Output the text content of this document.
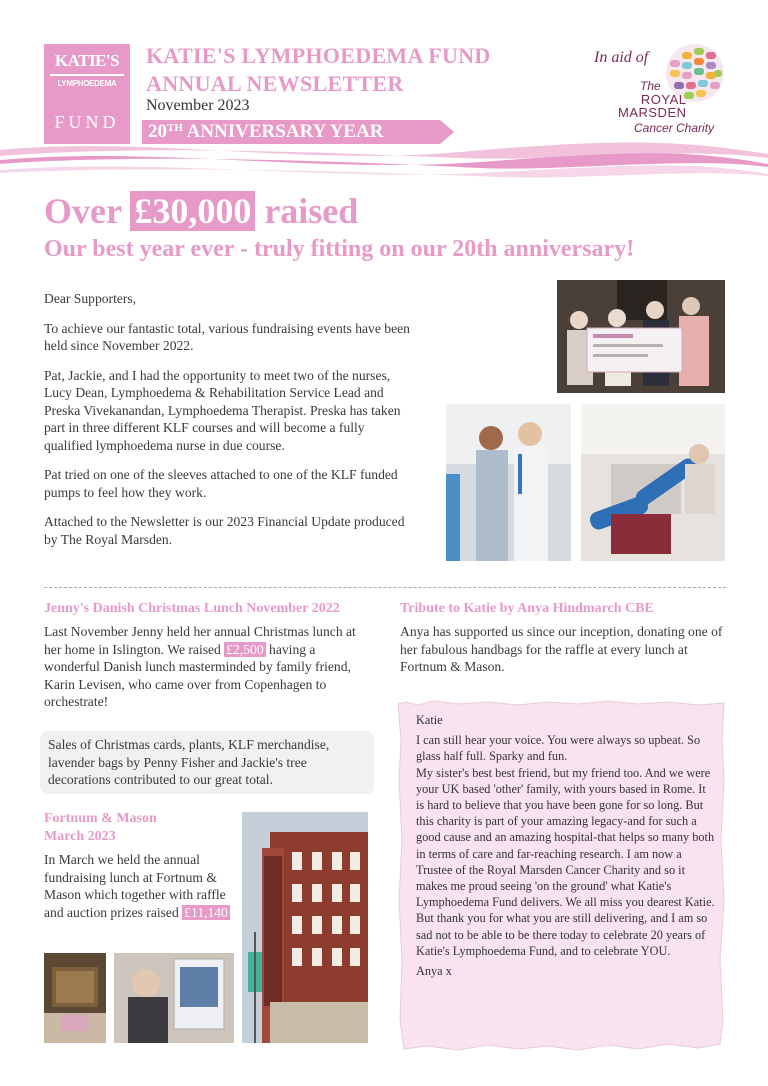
KATIE'S
LYMPHOEDEMA
FUND
KATIE'S LYMPHOEDEMA FUND
ANNUAL NEWSLETTER
November 2023
20TH ANNIVERSARY YEAR
In aid of
The
ROYAL
MARSDEN
Cancer Charity
Over £30,000 raised
Our best year ever - truly fitting on our 20th anniversary!

Dear Supporters,

To achieve our fantastic total, various fundraising events have been held since November 2022.

Pat, Jackie, and I had the opportunity to meet two of the nurses, Lucy Dean, Lymphoedema & Rehabilitation Service Lead and Preska Vivekanandan, Lymphoedema Therapist. Preska has taken part in three different KLF courses and will become a fully qualified lymphoedema nurse in due course.

Pat tried on one of the sleeves attached to one of the KLF funded pumps to feel how they work.

Attached to the Newsletter is our 2023 Financial Update produced by The Royal Marsden.

Jenny's Danish Christmas Lunch November 2022
Last November Jenny held her annual Christmas lunch at her home in Islington. We raised £2,500 having a wonderful Danish lunch masterminded by family friend, Karin Levisen, who came over from Copenhagen to orchestrate!
Sales of Christmas cards, plants, KLF merchandise, lavender bags by Penny Fisher and Jackie's tree decorations contributed to our great total.
Fortnum & Mason
March 2023
In March we held the annual fundraising lunch at Fortnum & Mason which together with raffle and auction prizes raised £11,140
Tribute to Katie by Anya Hindmarch CBE
Anya has supported us since our inception, donating one of her fabulous handbags for the raffle at every lunch at Fortnum & Mason.

Katie

I can still hear your voice. You were always so upbeat. So glass half full. Sparky and fun.

My sister's best best friend, but my friend too. And we were your UK based 'other' family, with yours based in Rome. It is hard to believe that you have been gone for so long. But this charity is part of your amazing legacy-and for such a good cause and an amazing hospital-that helps so many both in terms of care and far-reaching research. I am now a Trustee of the Royal Marsden Cancer Charity and so it makes me proud seeing 'on the ground' what Katie's Lymphoedema Fund delivers. We all miss you dearest Katie. But thank you for what you are still delivering, and I am so sad not to be able to be there today to celebrate 20 years of Katie's Lymphoedema Fund, and to celebrate YOU.

Anya x
